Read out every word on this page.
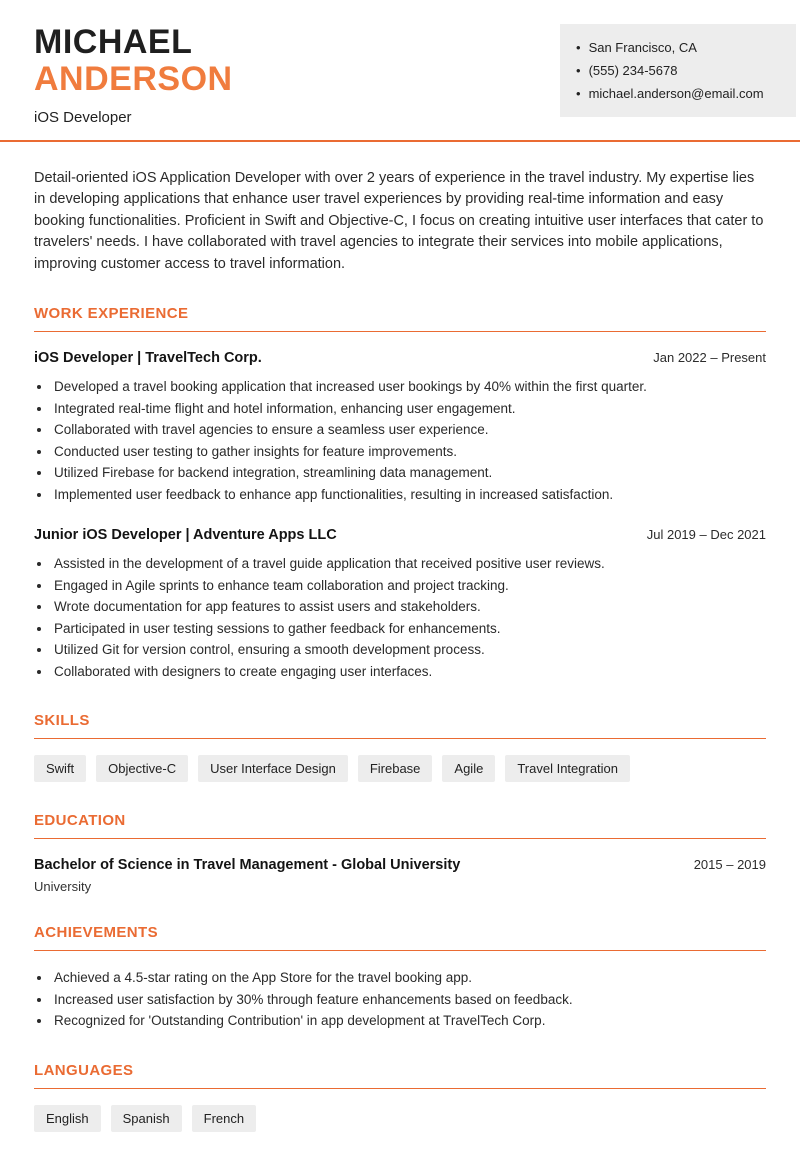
MICHAEL
ANDERSON
iOS Developer
• San Francisco, CA
• (555) 234-5678
• michael.anderson@email.com

Detail-oriented iOS Application Developer with over 2 years of experience in the travel industry. My expertise lies in developing applications that enhance user travel experiences by providing real-time information and easy booking functionalities. Proficient in Swift and Objective-C, I focus on creating intuitive user interfaces that cater to travelers' needs. I have collaborated with travel agencies to integrate their services into mobile applications, improving customer access to travel information.

WORK EXPERIENCE
iOS Developer | TravelTech Corp.	Jan 2022 – Present
• Developed a travel booking application that increased user bookings by 40% within the first quarter.
• Integrated real-time flight and hotel information, enhancing user engagement.
• Collaborated with travel agencies to ensure a seamless user experience.
• Conducted user testing to gather insights for feature improvements.
• Utilized Firebase for backend integration, streamlining data management.
• Implemented user feedback to enhance app functionalities, resulting in increased satisfaction.
Junior iOS Developer | Adventure Apps LLC	Jul 2019 – Dec 2021
• Assisted in the development of a travel guide application that received positive user reviews.
• Engaged in Agile sprints to enhance team collaboration and project tracking.
• Wrote documentation for app features to assist users and stakeholders.
• Participated in user testing sessions to gather feedback for enhancements.
• Utilized Git for version control, ensuring a smooth development process.
• Collaborated with designers to create engaging user interfaces.
SKILLS
Swift	Objective-C	User Interface Design	Firebase	Agile	Travel Integration
EDUCATION
Bachelor of Science in Travel Management - Global University	2015 – 2019
University
ACHIEVEMENTS
• Achieved a 4.5-star rating on the App Store for the travel booking app.
• Increased user satisfaction by 30% through feature enhancements based on feedback.
• Recognized for 'Outstanding Contribution' in app development at TravelTech Corp.
LANGUAGES
English	Spanish	French
